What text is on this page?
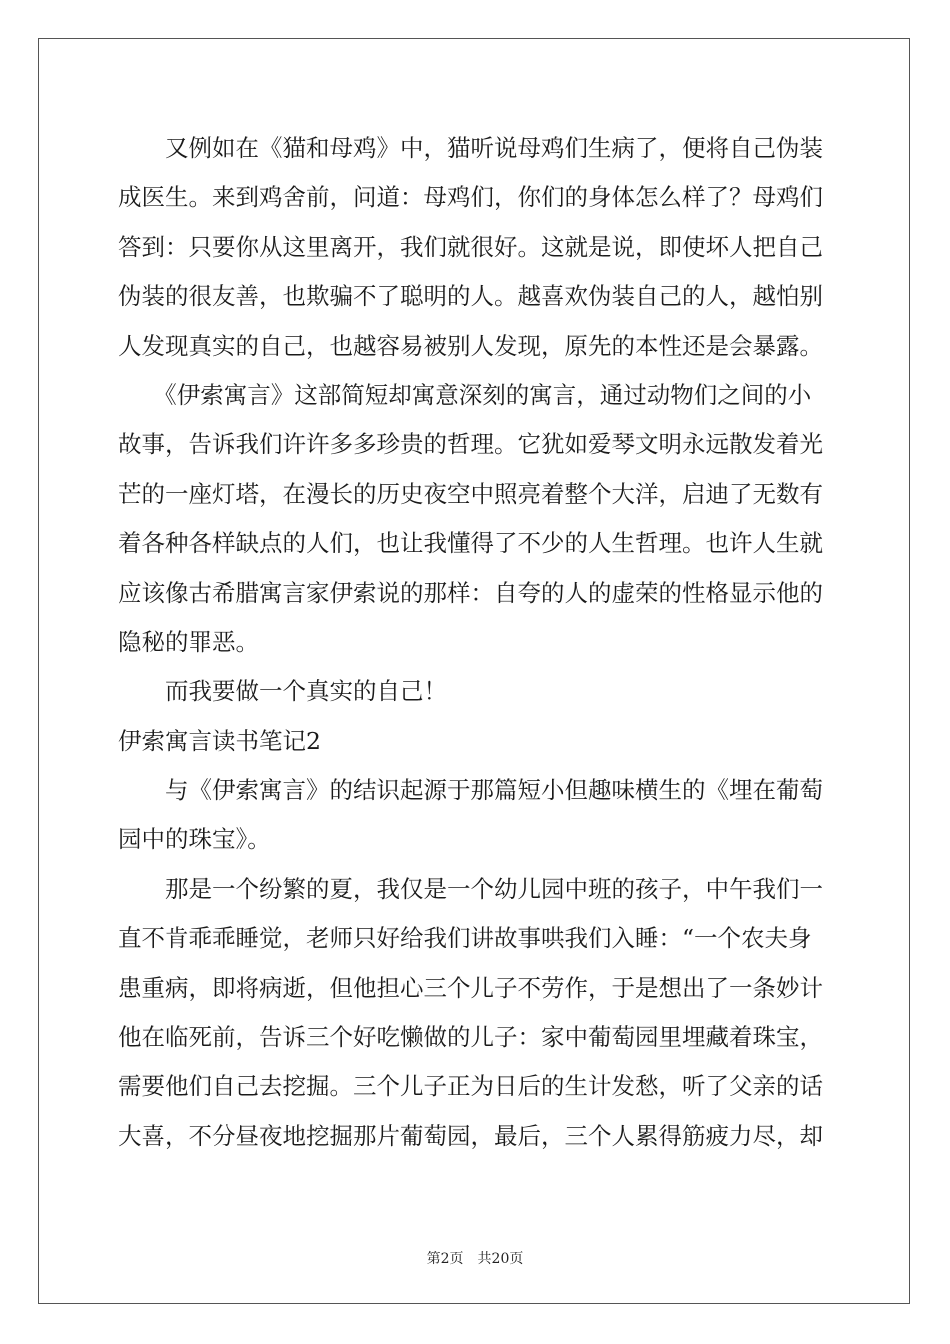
　　又例如在《猫和母鸡》中，猫听说母鸡们生病了，便将自己伪装
成医生。来到鸡舍前，问道：母鸡们，你们的身体怎么样了？母鸡们
答到：只要你从这里离开，我们就很好。这就是说，即使坏人把自己
伪装的很友善，也欺骗不了聪明的人。越喜欢伪装自己的人，越怕别
人发现真实的自己，也越容易被别人发现，原先的本性还是会暴露。
　　《伊索寓言》这部简短却寓意深刻的寓言，通过动物们之间的小
故事，告诉我们许许多多珍贵的哲理。它犹如爱琴文明永远散发着光
芒的一座灯塔，在漫长的历史夜空中照亮着整个大洋，启迪了无数有
着各种各样缺点的人们，也让我懂得了不少的人生哲理。也许人生就
应该像古希腊寓言家伊索说的那样：自夸的人的虚荣的性格显示他的
隐秘的罪恶。
　　而我要做一个真实的自己！
伊索寓言读书笔记2
　　与《伊索寓言》的结识起源于那篇短小但趣味横生的《埋在葡萄
园中的珠宝》。
　　那是一个纷繁的夏，我仅是一个幼儿园中班的孩子，中午我们一
直不肯乖乖睡觉，老师只好给我们讲故事哄我们入睡：“一个农夫身
患重病，即将病逝，但他担心三个儿子不劳作，于是想出了一条妙计
他在临死前，告诉三个好吃懒做的儿子：家中葡萄园里埋藏着珠宝，
需要他们自己去挖掘。三个儿子正为日后的生计发愁，听了父亲的话
大喜，不分昼夜地挖掘那片葡萄园，最后，三个人累得筋疲力尽，却
第2页　共20页
